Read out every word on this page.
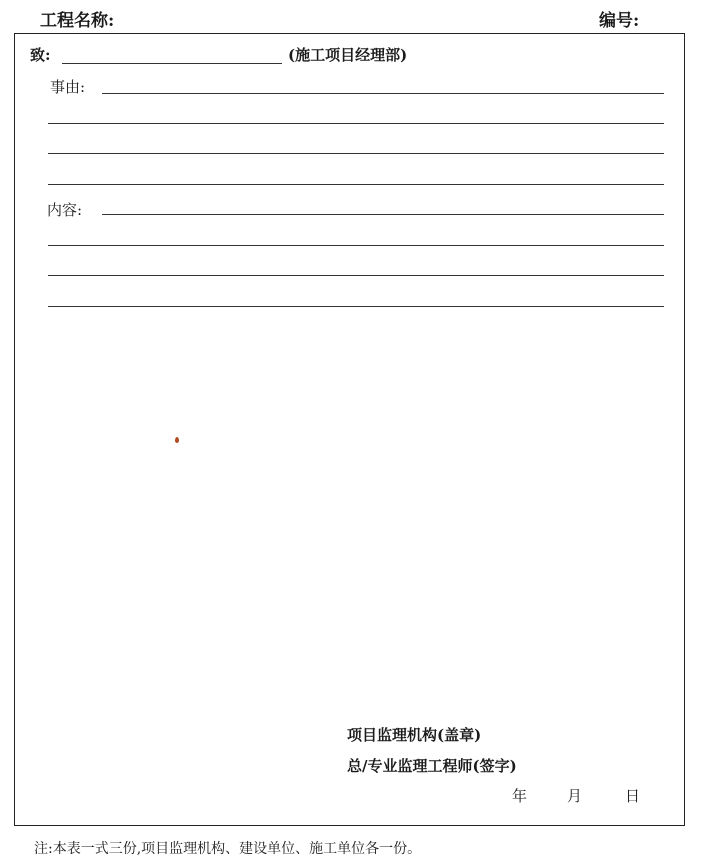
工程名称:	编号:
致:	(施工项目经理部)
事由:
内容:
项目监理机构(盖章)
总/专业监理工程师(签字)
年	月	日
注:本表一式三份,项目监理机构、建设单位、施工单位各一份。
